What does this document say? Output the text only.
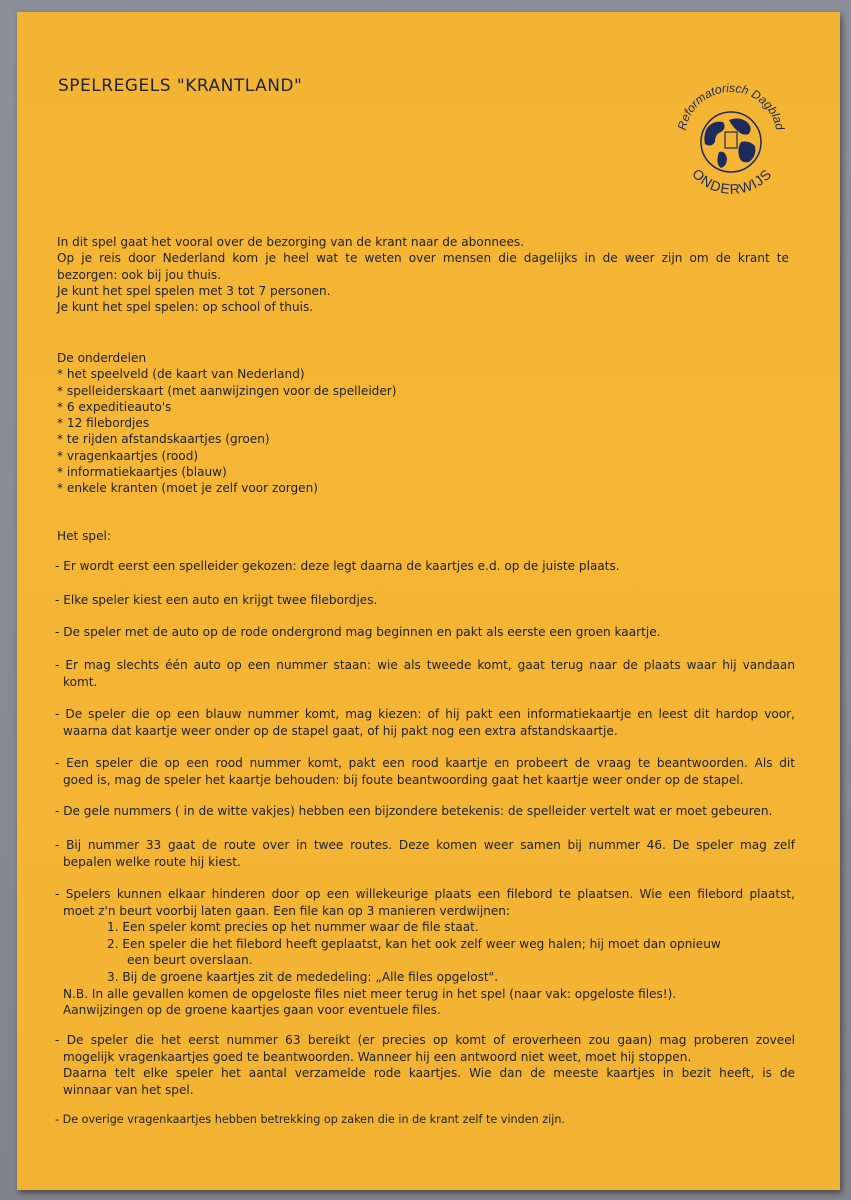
SPELREGELS "KRANTLAND"
Reformatorisch Dagblad
ONDERWIJS
In dit spel gaat het vooral over de bezorging van de krant naar de abonnees.
Op je reis door Nederland kom je heel wat te weten over mensen die dagelijks in de weer zijn om de krant te
bezorgen: ook bij jou thuis.
Je kunt het spel spelen met 3 tot 7 personen.
Je kunt het spel spelen: op school of thuis.
De onderdelen
* het speelveld (de kaart van Nederland)
* spelleiderskaart (met aanwijzingen voor de spelleider)
* 6 expeditieauto's
* 12 filebordjes
* te rijden afstandskaartjes (groen)
* vragenkaartjes (rood)
* informatiekaartjes (blauw)
* enkele kranten (moet je zelf voor zorgen)
Het spel:
- Er wordt eerst een spelleider gekozen: deze legt daarna de kaartjes e.d. op de juiste plaats.
- Elke speler kiest een auto en krijgt twee filebordjes.
- De speler met de auto op de rode ondergrond mag beginnen en pakt als eerste een groen kaartje.
- Er mag slechts één auto op een nummer staan: wie als tweede komt, gaat terug naar de plaats waar hij vandaan
komt.
- De speler die op een blauw nummer komt, mag kiezen: of hij pakt een informatiekaartje en leest dit hardop voor,
waarna dat kaartje weer onder op de stapel gaat, of hij pakt nog een extra afstandskaartje.
- Een speler die op een rood nummer komt, pakt een rood kaartje en probeert de vraag te beantwoorden. Als dit
goed is, mag de speler het kaartje behouden: bij foute beantwoording gaat het kaartje weer onder op de stapel.
- De gele nummers ( in de witte vakjes) hebben een bijzondere betekenis: de spelleider vertelt wat er moet gebeuren.
- Bij nummer 33 gaat de route over in twee routes. Deze komen weer samen bij nummer 46. De speler mag zelf
bepalen welke route hij kiest.
- Spelers kunnen elkaar hinderen door op een willekeurige plaats een filebord te plaatsen. Wie een filebord plaatst,
moet z'n beurt voorbij laten gaan. Een file kan op 3 manieren verdwijnen:
1. Een speler komt precies op het nummer waar de file staat.
2. Een speler die het filebord heeft geplaatst, kan het ook zelf weer weg halen; hij moet dan opnieuw
een beurt overslaan.
3. Bij de groene kaartjes zit de mededeling: „Alle files opgelost".
N.B. In alle gevallen komen de opgeloste files niet meer terug in het spel (naar vak: opgeloste files!).
Aanwijzingen op de groene kaartjes gaan voor eventuele files.
- De speler die het eerst nummer 63 bereikt (er precies op komt of eroverheen zou gaan) mag proberen zoveel
mogelijk vragenkaartjes goed te beantwoorden. Wanneer hij een antwoord niet weet, moet hij stoppen.
Daarna telt elke speler het aantal verzamelde rode kaartjes. Wie dan de meeste kaartjes in bezit heeft, is de
winnaar van het spel.
- De overige vragenkaartjes hebben betrekking op zaken die in de krant zelf te vinden zijn.
